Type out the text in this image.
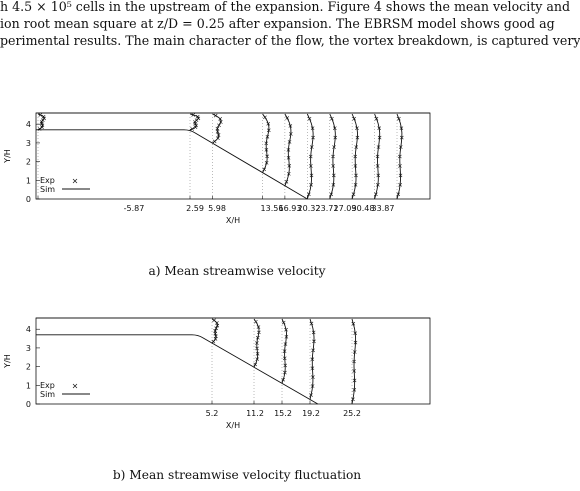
h 4.5 × 10⁵ cells in the upstream of the expansion. Figure 4 shows the mean velocity and
ion root mean square at z/D = 0.25 after expansion. The EBRSM model shows good ag
perimental results. The main character of the flow, the vortex breakdown, is captured very
0
1
2
3
4
Y/H
-5.87	2.59 5.98	13.56
16.93
20.32
23.71
27.09
30.48
33.87
X/H
Exp
Sim
a) Mean streamwise velocity
0
1
2
3
4
Y/H
5.2	11.2 15.2 19.2	25.2
X/H
Exp
Sim
b) Mean streamwise velocity fluctuation
